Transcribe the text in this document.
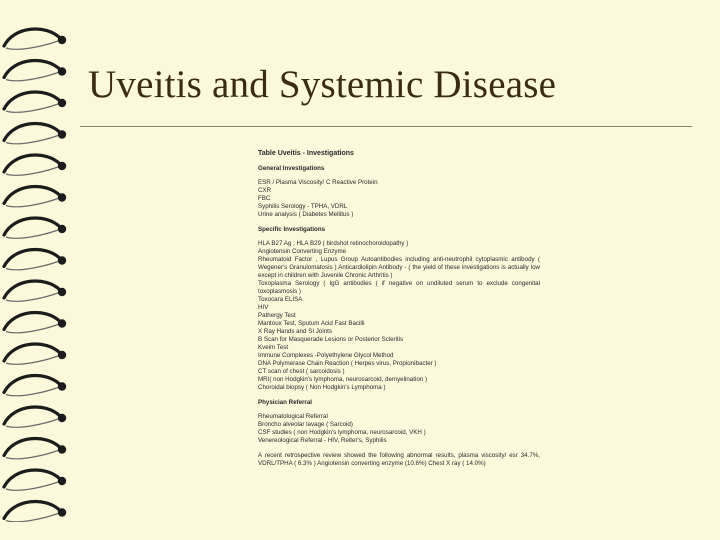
Uveitis and Systemic Disease
Table Uveitis - Investigations
General Investigations
ESR / Plasma Viscosity/ C Reactive Protein
CXR
FBC
Syphilis Serology - TPHA, VDRL
Urine analysis ( Diabetes Mellitus )
Specific Investigations
HLA B27 Ag ; HLA B29 ( birdshot retinochoroidopathy )
Angiotensin Converting Enzyme
Rheumatoid Factor , Lupus Group Autoantibodies including anti-neutrophil cytoplasmic antibody ( Wegener's Granulomatosis ) Anticardiolipin Antibody - ( the yield of these investigations is actually low except in children with Juvenile Chronic Arthritis )
Toxoplasma Serology ( IgG antibodies ( if negative on undiluted serum to exclude congenital toxoplasmosis )
Toxocara ELISA
HIV
Pathergy Test
Mantoux Test, Sputum Acid Fast Bacilli
X Ray Hands and SI Joints
B Scan for Masquerade Lesions or Posterior Scleritis
Kveim Test
Immune Complexes -Polyethylene Glycol Method
DNA Polymerase Chain Reaction ( Herpes virus, Propionibacter )
CT scan of chest ( sarcoidosis )
MRI( non Hodgkin's lymphoma, neurosarcoid, demyelination )
Choroidal biopsy ( Non Hodgkin's Lymphoma )
Physician Referral
Rheumatological Referral
Broncho alveolar lavage ( Sarcoid)
CSF studies ( non Hodgkin's lymphoma, neurosarcoid, VKH )
Venereological Referral - HIV, Reiter's, Syphilis
A recent retrospective review showed the following abnormal results, plasma viscosity/ esr 34.7%, VDRL/TPHA ( 6.3% ) Angiotensin converting enzyme (10.6%) Chest X ray ( 14.0%)
